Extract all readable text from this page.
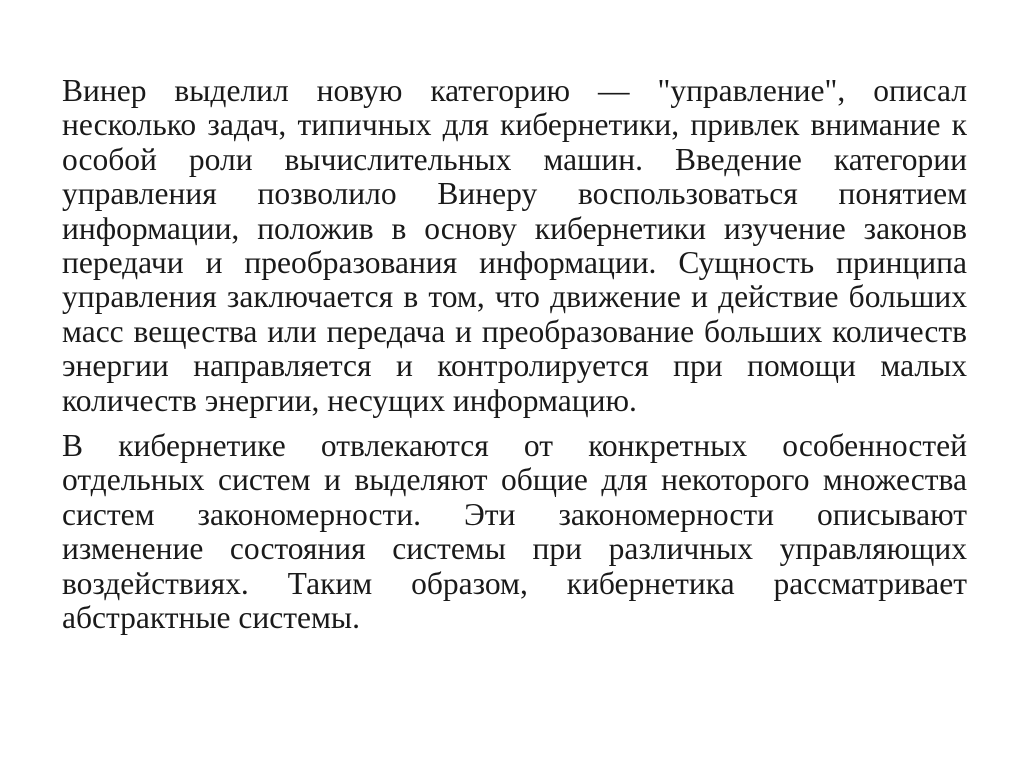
Винер выделил новую категорию — "управление", описал несколько задач, типичных для кибернетики, привлек внимание к особой роли вычислительных машин. Введение категории управления позволило Винеру воспользоваться понятием информации, положив в основу кибернетики изучение законов передачи и преобразования информации. Сущность принципа управления заключается в том, что движение и действие больших масс вещества или передача и преобразование больших количеств энергии направляется и контролируется при помощи малых количеств энергии, несущих информацию.

В кибернетике отвлекаются от конкретных особенностей отдельных систем и выделяют общие для некоторого множества систем закономерности. Эти закономерности описывают изменение состояния системы при различных управляющих воздействиях. Таким образом, кибернетика рассматривает абстрактные системы.
